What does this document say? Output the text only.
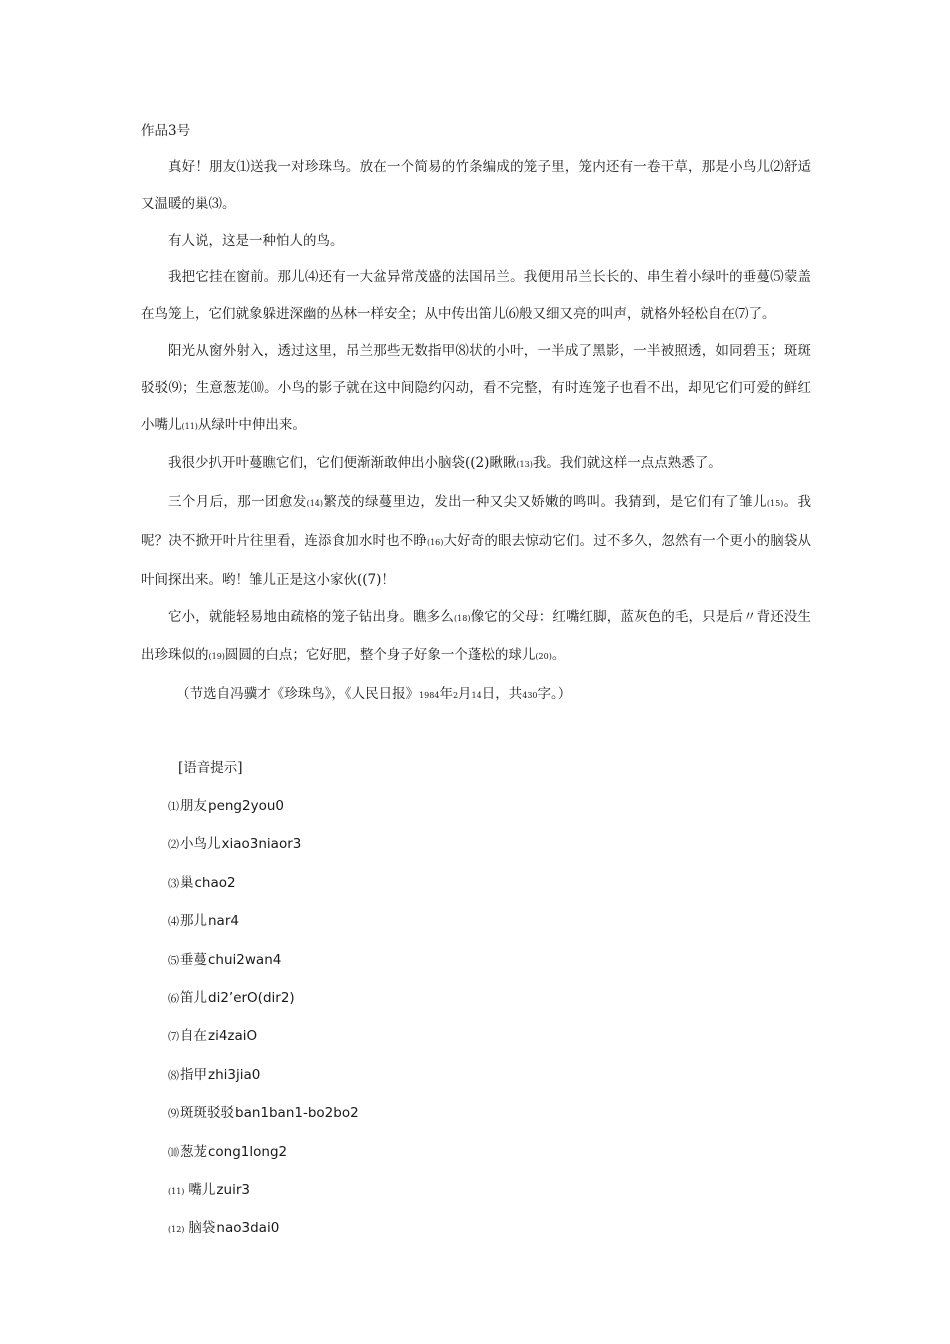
作品3号

真好！朋友⑴送我一对珍珠鸟。放在一个简易的竹条编成的笼子里，笼内还有一卷干草，那是小鸟儿⑵舒适又温暖的巢⑶。

有人说，这是一种怕人的鸟。

我把它挂在窗前。那儿⑷还有一大盆异常茂盛的法国吊兰。我便用吊兰长长的、串生着小绿叶的垂蔓⑸蒙盖在鸟笼上，它们就象躲进深幽的丛林一样安全；从中传出笛儿⑹般又细又亮的叫声，就格外轻松自在⑺了。

阳光从窗外射入，透过这里，吊兰那些无数指甲⑻状的小叶，一半成了黑影，一半被照透，如同碧玉；斑斑驳驳⑼；生意葱茏⑽。小鸟的影子就在这中间隐约闪动，看不完整，有时连笼子也看不出，却见它们可爱的鲜红小嘴儿(11)从绿叶中伸出来。

我很少扒开叶蔓瞧它们，它们便渐渐敢伸出小脑袋((2)瞅瞅(13)我。我们就这样一点点熟悉了。

三个月后，那一团愈发(14)繁茂的绿蔓里边，发出一种又尖又娇嫩的鸣叫。我猜到，是它们有了雏儿(15)。我呢？决不掀开叶片往里看，连添食加水时也不睁(16)大好奇的眼去惊动它们。过不多久，忽然有一个更小的脑袋从叶间探出来。哟！雏儿正是这小家伙((7)！

它小，就能轻易地由疏格的笼子钻出身。瞧多么(18)像它的父母：红嘴红脚，蓝灰色的毛，只是后〃背还没生出珍珠似的(19)圆圆的白点；它好肥，整个身子好象一个蓬松的球儿(20)。

（节选自冯骥才《珍珠鸟》，《人民日报》1984年2月14日，共430字。）

[语音提示]
⑴朋友peng2you0
⑵小鸟儿xiao3niaor3
⑶巢chao2
⑷那儿nar4
⑸垂蔓chui2wan4
⑹笛儿di2’erO(dir2)
⑺自在zi4zaiO
⑻指甲zhi3jia0
⑼斑斑驳驳ban1ban1-bo2bo2
⑽葱茏cong1long2
(11) 嘴儿zuir3
(12) 脑袋nao3dai0
